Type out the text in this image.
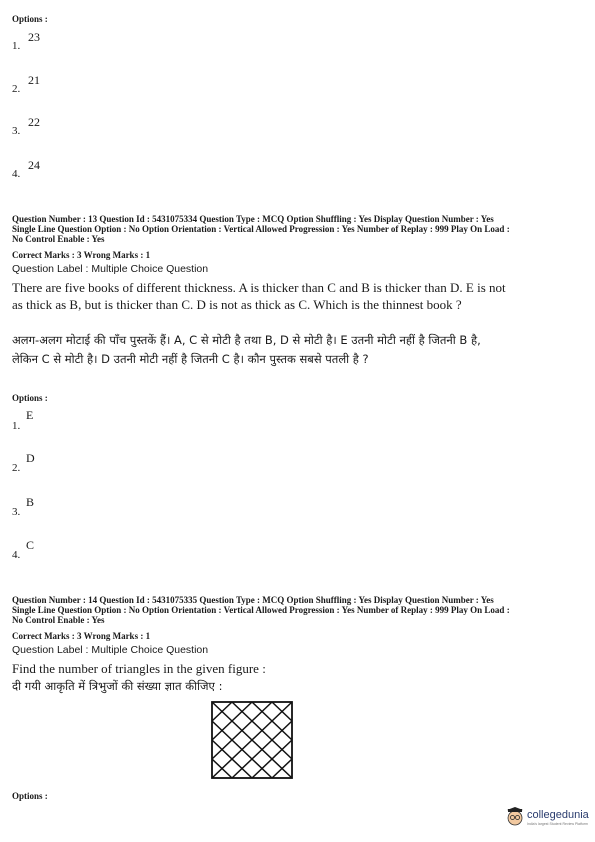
Options :
1.
23
2.
21
3.
22
4.
24
Question Number : 13 Question Id : 5431075334 Question Type : MCQ Option Shuffling : Yes Display Question Number : Yes
Single Line Question Option : No Option Orientation : Vertical Allowed Progression : Yes Number of Replay : 999 Play On Load :
No Control Enable : Yes
Correct Marks : 3 Wrong Marks : 1
Question Label : Multiple Choice Question
There are five books of different thickness. A is thicker than C and B is thicker than D. E is not as thick as B, but is thicker than C. D is not as thick as C. Which is the thinnest book ?
अलग-अलग मोटाई की पाँच पुस्तकें हैं। A, C से मोटी है तथा B, D से मोटी है। E उतनी मोटी नहीं है जितनी B है, लेकिन C से मोटी है। D उतनी मोटी नहीं है जितनी C है। कौन पुस्तक सबसे पतली है ?
Options :
1.
E
2.
D
3.
B
4.
C
Question Number : 14 Question Id : 5431075335 Question Type : MCQ Option Shuffling : Yes Display Question Number : Yes
Single Line Question Option : No Option Orientation : Vertical Allowed Progression : Yes Number of Replay : 999 Play On Load :
No Control Enable : Yes
Correct Marks : 3 Wrong Marks : 1
Question Label : Multiple Choice Question
Find the number of triangles in the given figure :
दी गयी आकृति में त्रिभुजों की संख्या ज्ञात कीजिए :
Options :
collegedunia
India's largest Student Review Platform
